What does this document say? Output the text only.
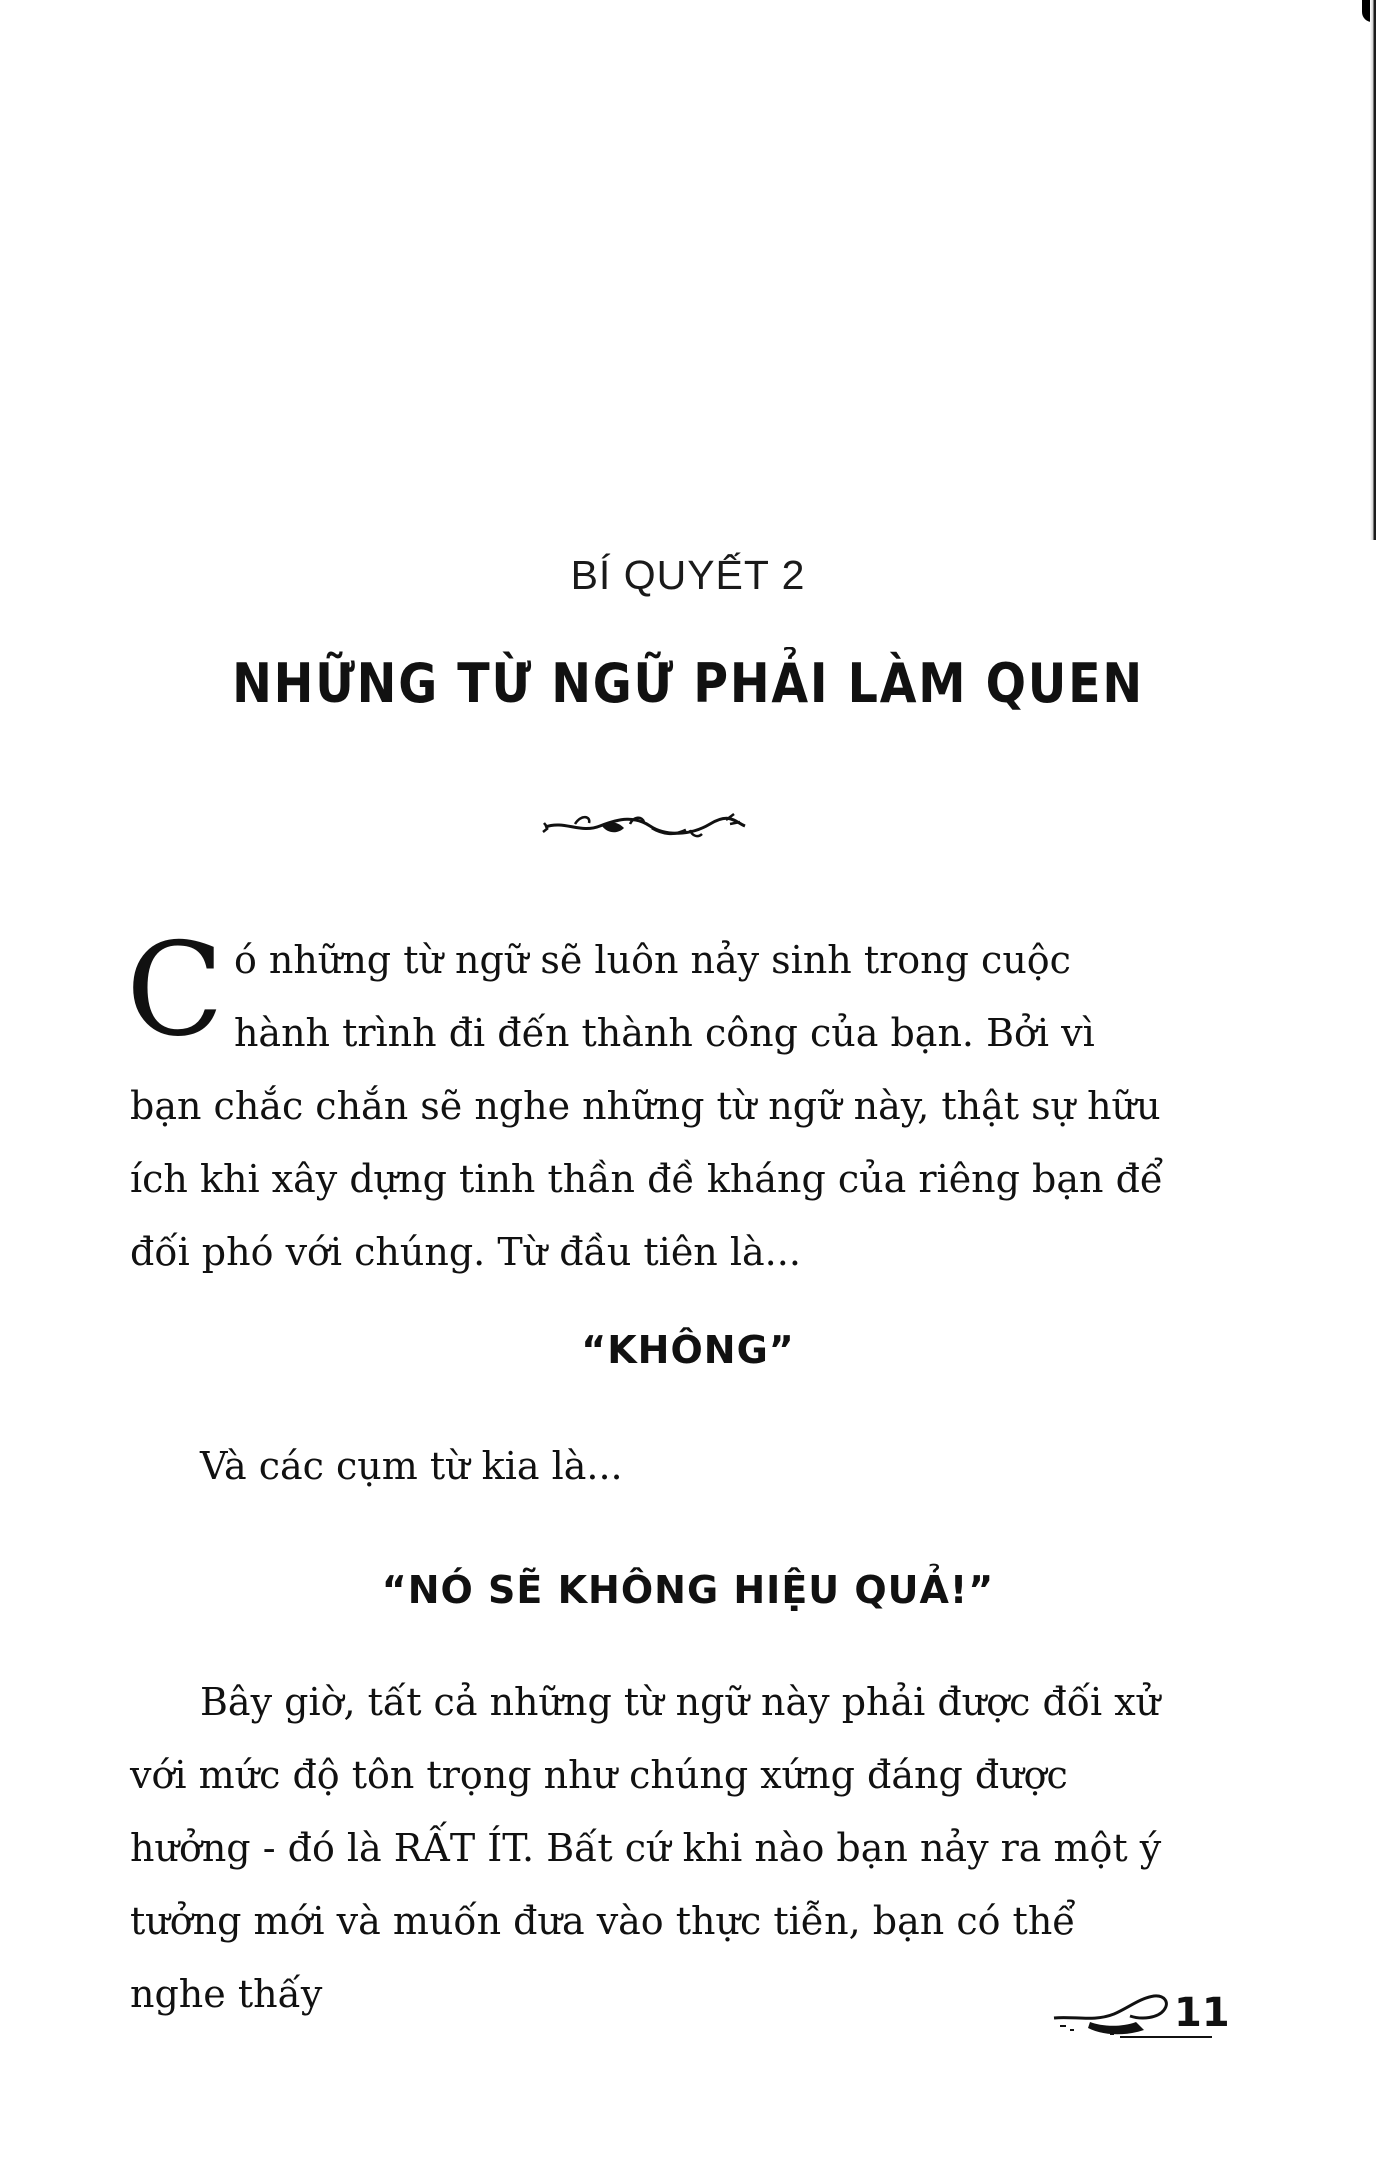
BÍ QUYẾT 2
NHỮNG TỪ NGỮ PHẢI LÀM QUEN
Có những từ ngữ sẽ luôn nảy sinh trong cuộc hành trình đi đến thành công của bạn. Bởi vì bạn chắc chắn sẽ nghe những từ ngữ này, thật sự hữu ích khi xây dựng tinh thần đề kháng của riêng bạn để đối phó với chúng. Từ đầu tiên là...
“KHÔNG”
Và các cụm từ kia là...
“NÓ SẼ KHÔNG HIỆU QUẢ!”
Bây giờ, tất cả những từ ngữ này phải được đối xử với mức độ tôn trọng như chúng xứng đáng được hưởng - đó là RẤT ÍT. Bất cứ khi nào bạn nảy ra một ý tưởng mới và muốn đưa vào thực tiễn, bạn có thể nghe thấy	11
